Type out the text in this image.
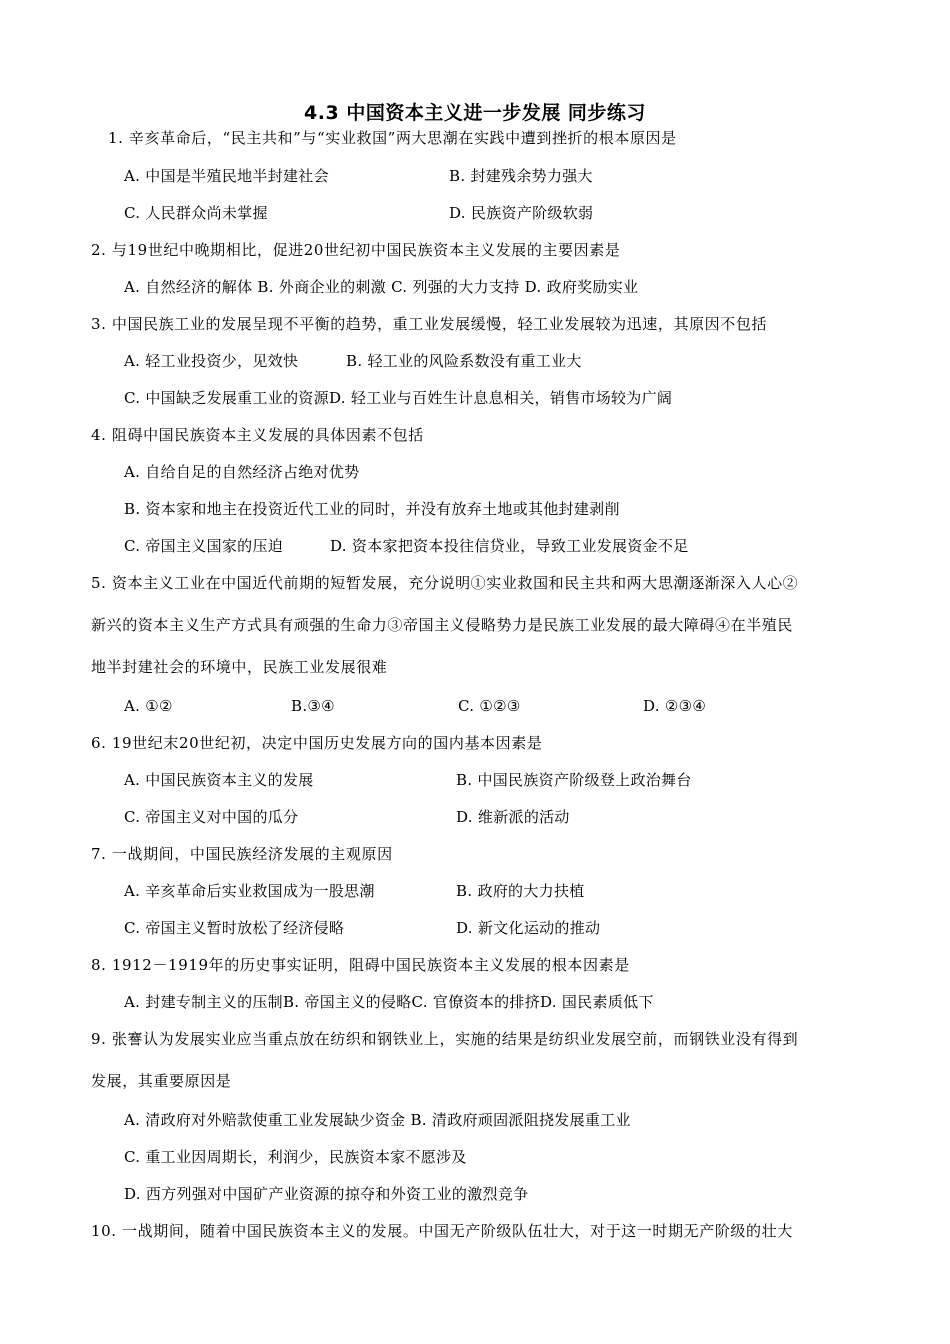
4.3 中国资本主义进一步发展 同步练习
1. 辛亥革命后，“民主共和”与“实业救国”两大思潮在实践中遭到挫折的根本原因是
A. 中国是半殖民地半封建社会	B. 封建残余势力强大
C. 人民群众尚未掌握	D. 民族资产阶级软弱
2. 与19世纪中晚期相比，促进20世纪初中国民族资本主义发展的主要因素是
A. 自然经济的解体 B. 外商企业的刺激 C. 列强的大力支持 D. 政府奖励实业
3. 中国民族工业的发展呈现不平衡的趋势，重工业发展缓慢，轻工业发展较为迅速，其原因不包括
A. 轻工业投资少，见效快	B. 轻工业的风险系数没有重工业大
C. 中国缺乏发展重工业的资源D. 轻工业与百姓生计息息相关，销售市场较为广阔
4. 阻碍中国民族资本主义发展的具体因素不包括
A. 自给自足的自然经济占绝对优势
B. 资本家和地主在投资近代工业的同时，并没有放弃土地或其他封建剥削
C. 帝国主义国家的压迫	D. 资本家把资本投往信贷业，导致工业发展资金不足
5. 资本主义工业在中国近代前期的短暂发展，充分说明①实业救国和民主共和两大思潮逐渐深入人心②
新兴的资本主义生产方式具有顽强的生命力③帝国主义侵略势力是民族工业发展的最大障碍④在半殖民
地半封建社会的环境中，民族工业发展很难
A. ①②	B.③④	C. ①②③	D. ②③④
6. 19世纪末20世纪初，决定中国历史发展方向的国内基本因素是
A. 中国民族资本主义的发展	B. 中国民族资产阶级登上政治舞台
C. 帝国主义对中国的瓜分	D. 维新派的活动
7. 一战期间，中国民族经济发展的主观原因
A. 辛亥革命后实业救国成为一股思潮	B. 政府的大力扶植
C. 帝国主义暂时放松了经济侵略	D. 新文化运动的推动
8. 1912－1919年的历史事实证明，阻碍中国民族资本主义发展的根本因素是
A. 封建专制主义的压制B. 帝国主义的侵略C. 官僚资本的排挤D. 国民素质低下
9. 张謇认为发展实业应当重点放在纺织和钢铁业上，实施的结果是纺织业发展空前，而钢铁业没有得到
发展，其重要原因是
A. 清政府对外赔款使重工业发展缺少资金 B. 清政府顽固派阻挠发展重工业
C. 重工业因周期长，利润少，民族资本家不愿涉及
D. 西方列强对中国矿产业资源的掠夺和外资工业的激烈竞争
10. 一战期间，随着中国民族资本主义的发展。中国无产阶级队伍壮大，对于这一时期无产阶级的壮大
